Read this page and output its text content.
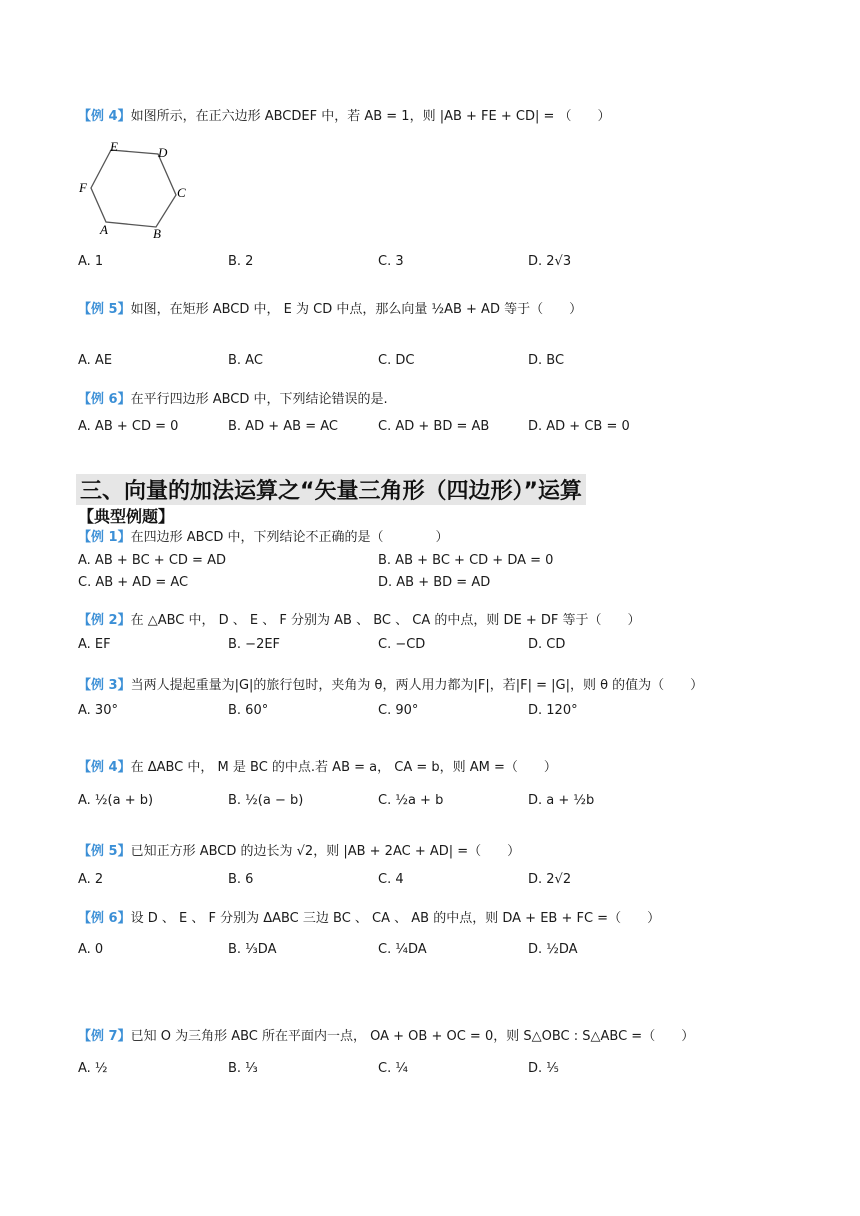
【例 4】如图所示，在正六边形 ABCDEF 中，若 AB = 1，则 |AB + FE + CD| = （　　）
E	D
C
B
A
F
A. 1	B. 2	C. 3	D. 2√3
【例 5】如图，在矩形 ABCD 中， E 为 CD 中点，那么向量 ½AB + AD 等于（　　）
A. AE	B. AC	C. DC	D. BC
【例 6】在平行四边形 ABCD 中，下列结论错误的是.
A. AB + CD = 0	B. AD + AB = AC	C. AD + BD = AB	D. AD + CB = 0
三、向量的加法运算之“矢量三角形（四边形）”运算
【典型例题】
【例 1】在四边形 ABCD 中，下列结论不正确的是（　　　　）
A. AB + BC + CD = AD	B. AB + BC + CD + DA = 0
C. AB + AD = AC	D. AB + BD = AD
【例 2】在 △ABC 中， D 、 E 、 F 分别为 AB 、 BC 、 CA 的中点，则 DE + DF 等于（　　）
A. EF	B. −2EF	C. −CD	D. CD
【例 3】当两人提起重量为|G|的旅行包时，夹角为 θ，两人用力都为|F|，若|F| = |G|，则 θ 的值为（　　）
A. 30°	B. 60°	C. 90°	D. 120°
【例 4】在 ΔABC 中， M 是 BC 的中点.若 AB = a， CA = b，则 AM =（　　）
A. ½(a + b)	B. ½(a − b)	C. ½a + b	D. a + ½b
【例 5】已知正方形 ABCD 的边长为 √2，则 |AB + 2AC + AD| =（　　）
A. 2	B. 6	C. 4	D. 2√2
【例 6】设 D 、 E 、 F 分别为 ΔABC 三边 BC 、 CA 、 AB 的中点，则 DA + EB + FC =（　　）
A. 0	B. ⅓DA	C. ¼DA	D. ½DA
【例 7】已知 O 为三角形 ABC 所在平面内一点， OA + OB + OC = 0，则 S△OBC : S△ABC =（　　）
A. ½	B. ⅓	C. ¼	D. ⅕
